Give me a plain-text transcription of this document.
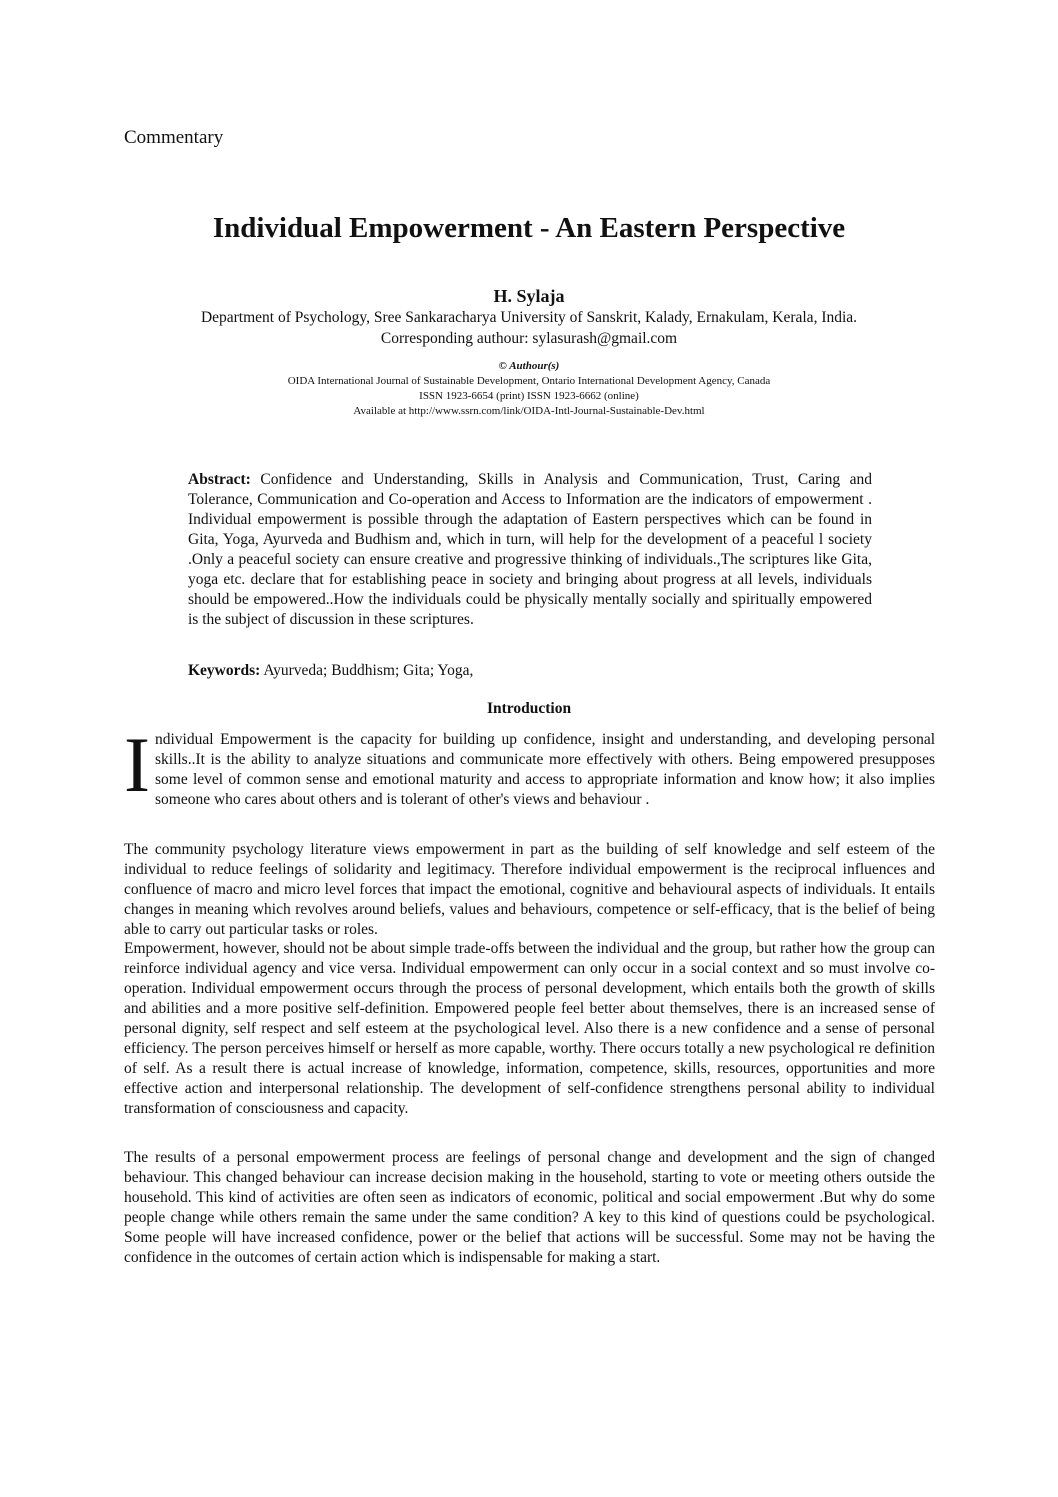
Commentary
Individual Empowerment - An Eastern Perspective
H. Sylaja
Department of Psychology, Sree Sankaracharya University of Sanskrit, Kalady, Ernakulam, Kerala, India.
Corresponding authour: sylasurash@gmail.com
© Authour(s)
OIDA International Journal of Sustainable Development, Ontario International Development Agency, Canada
ISSN 1923-6654 (print) ISSN 1923-6662 (online)
Available at http://www.ssrn.com/link/OIDA-Intl-Journal-Sustainable-Dev.html

Abstract: Confidence and Understanding, Skills in Analysis and Communication, Trust, Caring and Tolerance, Communication and Co-operation and Access to Information are the indicators of empowerment . Individual empowerment is possible through the adaptation of Eastern perspectives which can be found in Gita, Yoga, Ayurveda and Budhism and, which in turn, will help for the development of a peaceful l society .Only a peaceful society can ensure creative and progressive thinking of individuals.,The scriptures like Gita, yoga etc. declare that for establishing peace in society and bringing about progress at all levels, individuals should be empowered..How the individuals could be physically mentally socially and spiritually empowered is the subject of discussion in these scriptures.

Keywords: Ayurveda; Buddhism; Gita; Yoga,

Introduction

Individual Empowerment is the capacity for building up confidence, insight and understanding, and developing personal skills..It is the ability to analyze situations and communicate more effectively with others. Being empowered presupposes some level of common sense and emotional maturity and access to appropriate information and know how; it also implies someone who cares about others and is tolerant of other's views and behaviour .

The community psychology literature views empowerment in part as the building of self knowledge and self esteem of the individual to reduce feelings of solidarity and legitimacy. Therefore individual empowerment is the reciprocal influences and confluence of macro and micro level forces that impact the emotional, cognitive and behavioural aspects of individuals. It entails changes in meaning which revolves around beliefs, values and behaviours, competence or self-efficacy, that is the belief of being able to carry out particular tasks or roles.

Empowerment, however, should not be about simple trade-offs between the individual and the group, but rather how the group can reinforce individual agency and vice versa. Individual empowerment can only occur in a social context and so must involve co-operation. Individual empowerment occurs through the process of personal development, which entails both the growth of skills and abilities and a more positive self-definition. Empowered people feel better about themselves, there is an increased sense of personal dignity, self respect and self esteem at the psychological level. Also there is a new confidence and a sense of personal efficiency. The person perceives himself or herself as more capable, worthy. There occurs totally a new psychological re definition of self. As a result there is actual increase of knowledge, information, competence, skills, resources, opportunities and more effective action and interpersonal relationship. The development of self-confidence strengthens personal ability to individual transformation of consciousness and capacity.

The results of a personal empowerment process are feelings of personal change and development and the sign of changed behaviour. This changed behaviour can increase decision making in the household, starting to vote or meeting others outside the household. This kind of activities are often seen as indicators of economic, political and social empowerment .But why do some people change while others remain the same under the same condition? A key to this kind of questions could be psychological. Some people will have increased confidence, power or the belief that actions will be successful. Some may not be having the confidence in the outcomes of certain action which is indispensable for making a start.
